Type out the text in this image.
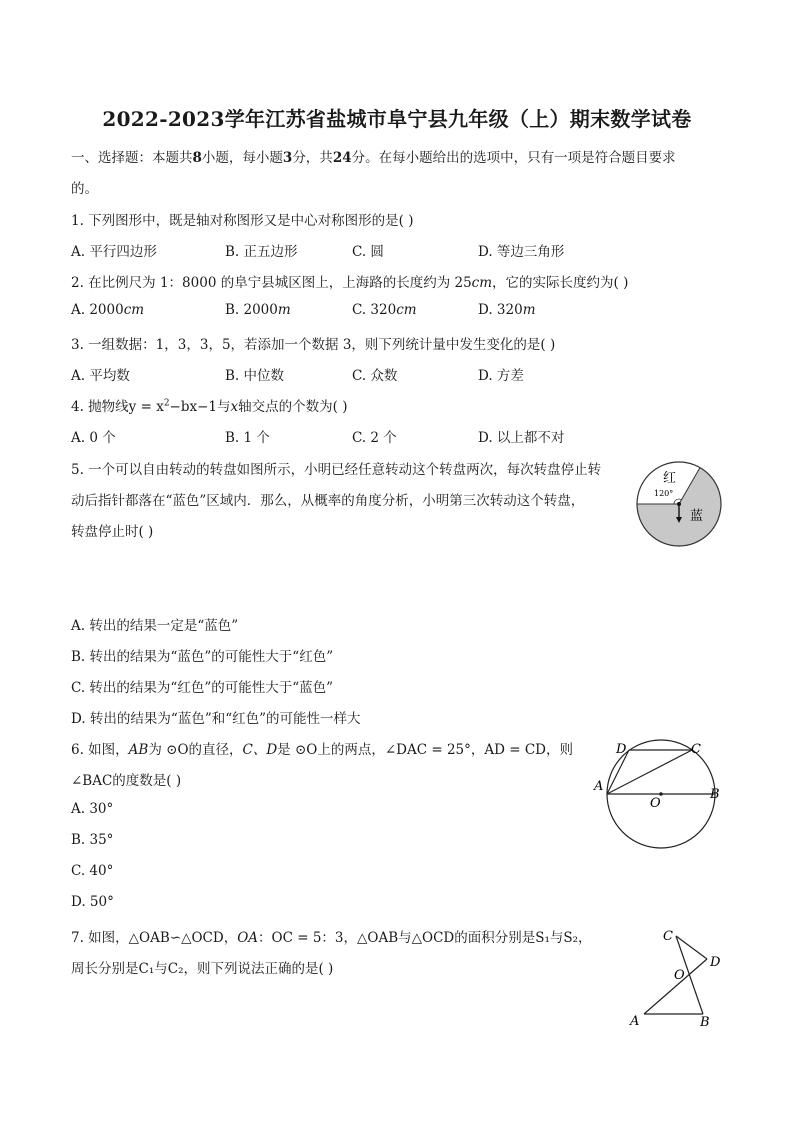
2022-2023学年江苏省盐城市阜宁县九年级（上）期末数学试卷
一、选择题：本题共8小题，每小题3分，共24分。在每小题给出的选项中，只有一项是符合题目要求
的。
1. 下列图形中，既是轴对称图形又是中心对称图形的是( )
A. 平行四边形	B. 正五边形	C. 圆	D. 等边三角形
2. 在比例尺为 1：8000 的阜宁县城区图上，上海路的长度约为 25cm，它的实际长度约为( )
A. 2000cm	B. 2000m	C. 320cm	D. 320m
3. 一组数据：1，3，3，5，若添加一个数据 3，则下列统计量中发生变化的是( )
A. 平均数	B. 中位数	C. 众数	D. 方差
4. 抛物线$y = x^2-bx-1$与x轴交点的个数为( )
A. 0 个	B. 1 个	C. 2 个	D. 以上都不对
5. 一个可以自由转动的转盘如图所示，小明已经任意转动这个转盘两次，每次转盘停止转
动后指针都落在“蓝色”区域内．那么，从概率的角度分析，小明第三次转动这个转盘，
转盘停止时( )
红
120°
蓝
A. 转出的结果一定是“蓝色”
B. 转出的结果为“蓝色”的可能性大于“红色”
C. 转出的结果为“红色”的可能性大于“蓝色”
D. 转出的结果为“蓝色”和“红色”的可能性一样大
6. 如图，AB为 ⊙O的直径，C、D是 ⊙O上的两点，∠DAC = 25°，AD = CD，则
∠BAC的度数是( )
D	C
A
O
B
A. 30°
B. 35°
C. 40°
D. 50°
7. 如图，△OAB∽△OCD，OA：OC = 5：3，△OAB与△OCD的面积分别是S₁与S₂，
周长分别是C₁与C₂，则下列说法正确的是( )
C
O
D
A	B
